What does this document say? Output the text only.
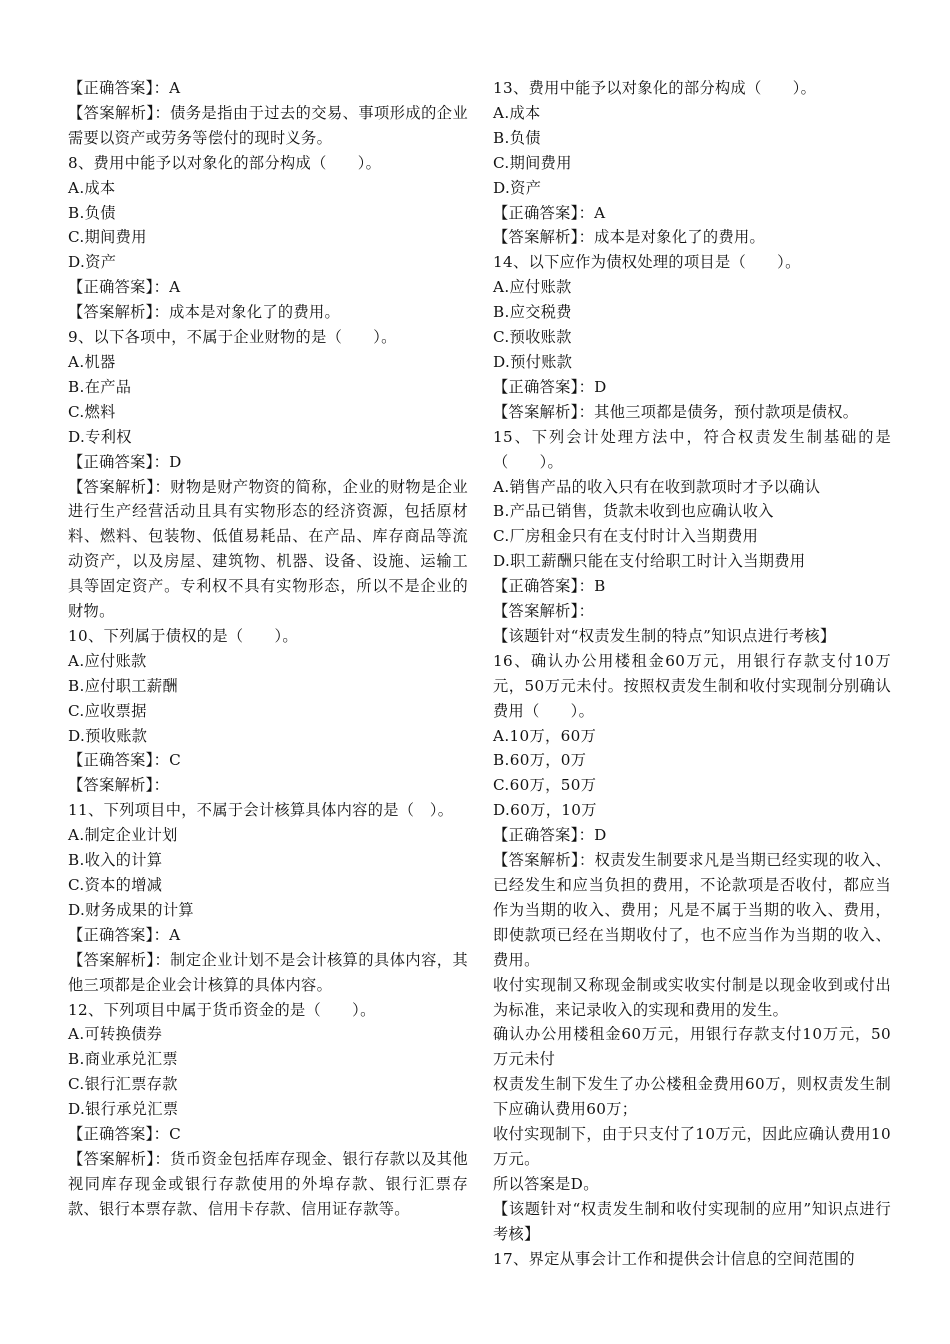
【正确答案】：A
【答案解析】：债务是指由于过去的交易、事项形成的企业需要以资产或劳务等偿付的现时义务。
8、费用中能予以对象化的部分构成（　　）。
A.成本
B.负债
C.期间费用
D.资产
【正确答案】：A
【答案解析】：成本是对象化了的费用。
9、以下各项中，不属于企业财物的是（　　）。
A.机器
B.在产品
C.燃料
D.专利权
【正确答案】：D
【答案解析】：财物是财产物资的简称，企业的财物是企业进行生产经营活动且具有实物形态的经济资源，包括原材料、燃料、包装物、低值易耗品、在产品、库存商品等流动资产，以及房屋、建筑物、机器、设备、设施、运输工具等固定资产。专利权不具有实物形态，所以不是企业的财物。
10、下列属于债权的是（　　）。
A.应付账款
B.应付职工薪酬
C.应收票据
D.预收账款
【正确答案】：C
【答案解析】：
11、下列项目中，不属于会计核算具体内容的是（　）。
A.制定企业计划
B.收入的计算
C.资本的增减
D.财务成果的计算
【正确答案】：A
【答案解析】：制定企业计划不是会计核算的具体内容，其他三项都是企业会计核算的具体内容。
12、下列项目中属于货币资金的是（　　）。
A.可转换债券
B.商业承兑汇票
C.银行汇票存款
D.银行承兑汇票
【正确答案】：C
【答案解析】：货币资金包括库存现金、银行存款以及其他视同库存现金或银行存款使用的外埠存款、银行汇票存款、银行本票存款、信用卡存款、信用证存款等。
13、费用中能予以对象化的部分构成（　　）。
A.成本
B.负债
C.期间费用
D.资产
【正确答案】：A
【答案解析】：成本是对象化了的费用。
14、以下应作为债权处理的项目是（　　）。
A.应付账款
B.应交税费
C.预收账款
D.预付账款
【正确答案】：D
【答案解析】：其他三项都是债务，预付款项是债权。
15、下列会计处理方法中，符合权责发生制基础的是（　　）。
A.销售产品的收入只有在收到款项时才予以确认
B.产品已销售，货款未收到也应确认收入
C.厂房租金只有在支付时计入当期费用
D.职工薪酬只能在支付给职工时计入当期费用
【正确答案】：B
【答案解析】：
【该题针对“权责发生制的特点”知识点进行考核】
16、确认办公用楼租金60万元，用银行存款支付10万元，50万元未付。按照权责发生制和收付实现制分别确认费用（　　）。
A.10万，60万
B.60万，0万
C.60万，50万
D.60万，10万
【正确答案】：D
【答案解析】：权责发生制要求凡是当期已经实现的收入、已经发生和应当负担的费用，不论款项是否收付，都应当作为当期的收入、费用；凡是不属于当期的收入、费用，即使款项已经在当期收付了，也不应当作为当期的收入、费用。
收付实现制又称现金制或实收实付制是以现金收到或付出为标准，来记录收入的实现和费用的发生。
确认办公用楼租金60万元，用银行存款支付10万元，50万元未付
权责发生制下发生了办公楼租金费用60万，则权责发生制下应确认费用60万；
收付实现制下，由于只支付了10万元，因此应确认费用10万元。
所以答案是D。
【该题针对“权责发生制和收付实现制的应用”知识点进行考核】
17、界定从事会计工作和提供会计信息的空间范围的
